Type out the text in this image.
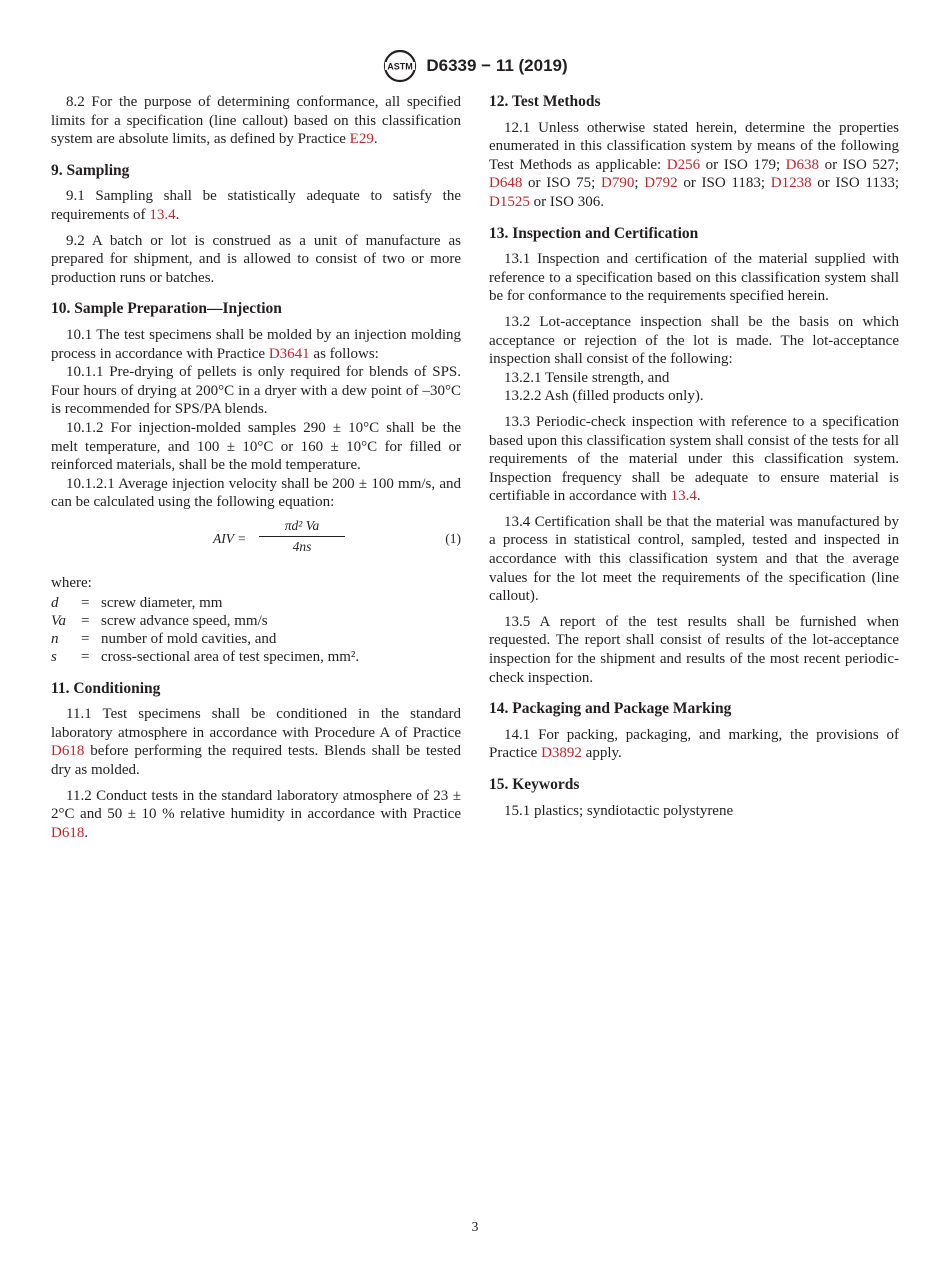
ASTM D6339 − 11 (2019)

8.2 For the purpose of determining conformance, all specified limits for a specification (line callout) based on this classification system are absolute limits, as defined by Practice E29.

9. Sampling

9.1 Sampling shall be statistically adequate to satisfy the requirements of 13.4.

9.2 A batch or lot is construed as a unit of manufacture as prepared for shipment, and is allowed to consist of two or more production runs or batches.

10. Sample Preparation—Injection

10.1 The test specimens shall be molded by an injection molding process in accordance with Practice D3641 as follows:

10.1.1 Pre-drying of pellets is only required for blends of SPS. Four hours of drying at 200°C in a dryer with a dew point of –30°C is recommended for SPS/PA blends.

10.1.2 For injection-molded samples 290 ± 10°C shall be the melt temperature, and 100 ± 10°C or 160 ± 10°C for filled or reinforced materials, shall be the mold temperature.

10.1.2.1 Average injection velocity shall be 200 ± 100 mm/s, and can be calculated using the following equation:

AIV = $\frac{\text{πd² Va}}{4ns}$	(1)

where:

d	=	screw diameter, mm
Va	=	screw advance speed, mm/s
n	=	number of mold cavities, and
s	=	cross-sectional area of test specimen, mm².
11. Conditioning

11.1 Test specimens shall be conditioned in the standard laboratory atmosphere in accordance with Procedure A of Practice D618 before performing the required tests. Blends shall be tested dry as molded.

11.2 Conduct tests in the standard laboratory atmosphere of 23 ± 2°C and 50 ± 10 % relative humidity in accordance with Practice D618.

12. Test Methods

12.1 Unless otherwise stated herein, determine the properties enumerated in this classification system by means of the following Test Methods as applicable: D256 or ISO 179; D638 or ISO 527; D648 or ISO 75; D790; D792 or ISO 1183; D1238 or ISO 1133; D1525 or ISO 306.

13. Inspection and Certification

13.1 Inspection and certification of the material supplied with reference to a specification based on this classification system shall be for conformance to the requirements specified herein.

13.2 Lot-acceptance inspection shall be the basis on which acceptance or rejection of the lot is made. The lot-acceptance inspection shall consist of the following:

13.2.1 Tensile strength, and

13.2.2 Ash (filled products only).

13.3 Periodic-check inspection with reference to a specification based upon this classification system shall consist of the tests for all requirements of the material under this classification system. Inspection frequency shall be adequate to ensure material is certifiable in accordance with 13.4.

13.4 Certification shall be that the material was manufactured by a process in statistical control, sampled, tested and inspected in accordance with this classification system and that the average values for the lot meet the requirements of the specification (line callout).

13.5 A report of the test results shall be furnished when requested. The report shall consist of results of the lot-acceptance inspection for the shipment and results of the most recent periodic-check inspection.

14. Packaging and Package Marking

14.1 For packing, packaging, and marking, the provisions of Practice D3892 apply.

15. Keywords

15.1 plastics; syndiotactic polystyrene

3
